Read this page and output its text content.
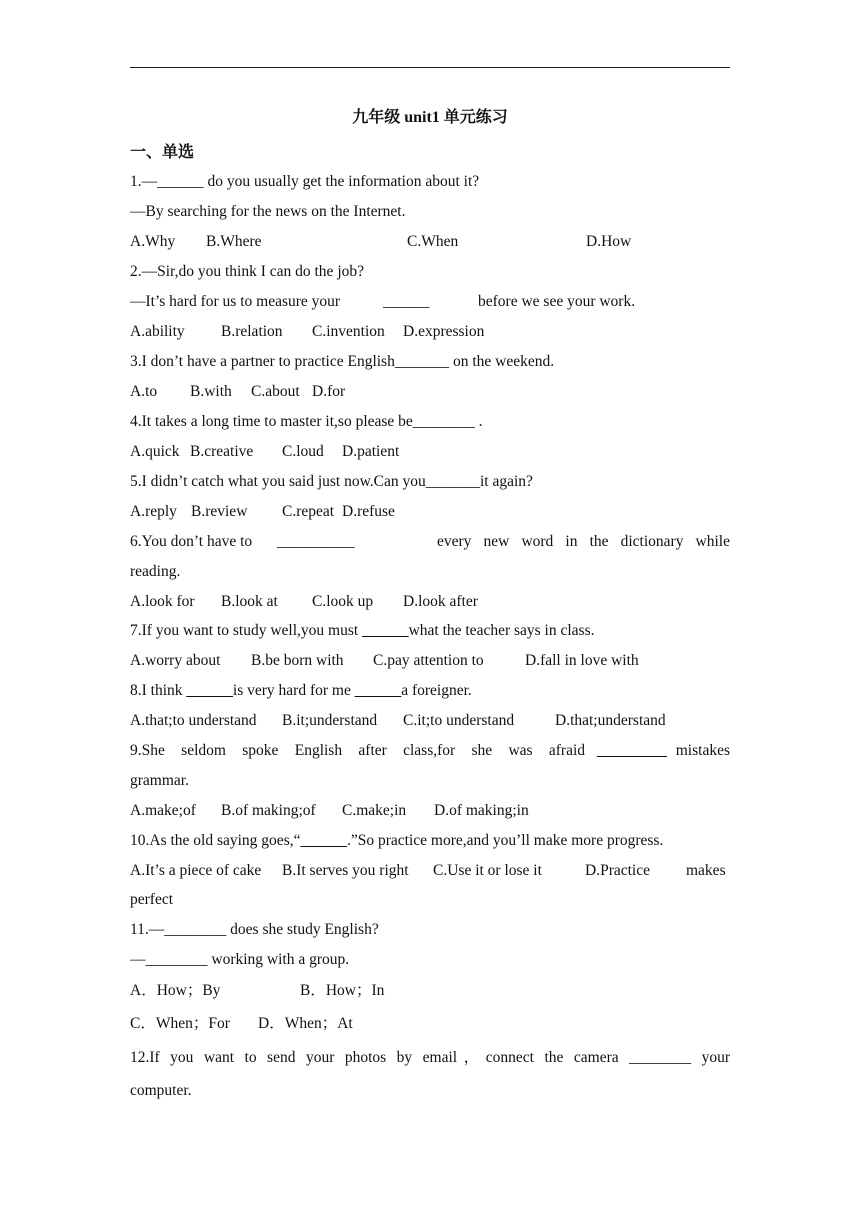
九年级 unit1 单元练习
一、单选
1.—______ do you usually get the information about it?
—By searching for the news on the Internet.
A.Why B.Where	C.When	D.How
2.—Sir,do you think I can do the job?
—It’s hard for us to measure your	______	before we see your work.
A.ability B.relation C.invention D.expression
3.I don’t have a partner to practice English_______ on the weekend.
A.to B.with C.about D.for
4.It takes a long time to master it,so please be________ .
A.quick B.creative C.loud D.patient
5.I didn’t catch what you said just now.Can you_______it again?
A.reply B.review C.repeat D.refuse
6.You don’t have to __________	every new word in the dictionary while
reading.
A.look for B.look at C.look up D.look after
7.If you want to study well,you must ______what the teacher says in class.
A.worry about B.be born with C.pay attention to	D.fall in love with
8.I think ______is very hard for me ______a foreigner.
A.that;to understand B.it;understand C.it;to understand	D.that;understand
9.She seldom spoke English after class,for she was afraid _________ mistakes
grammar.
A.make;of B.of making;of C.make;in D.of making;in
10.As the old saying goes,“______.”So practice more,and you’ll make more progress.
A.It’s a piece of cake B.It serves you right C.Use it or lose it	D.Practice makes
perfect
11.—________ does she study English?
—________ working with a group.
A．How；By	B．How；In
C．When；For D．When；At
12.If you want to send your photos by email，connect the camera ________ your
computer.
